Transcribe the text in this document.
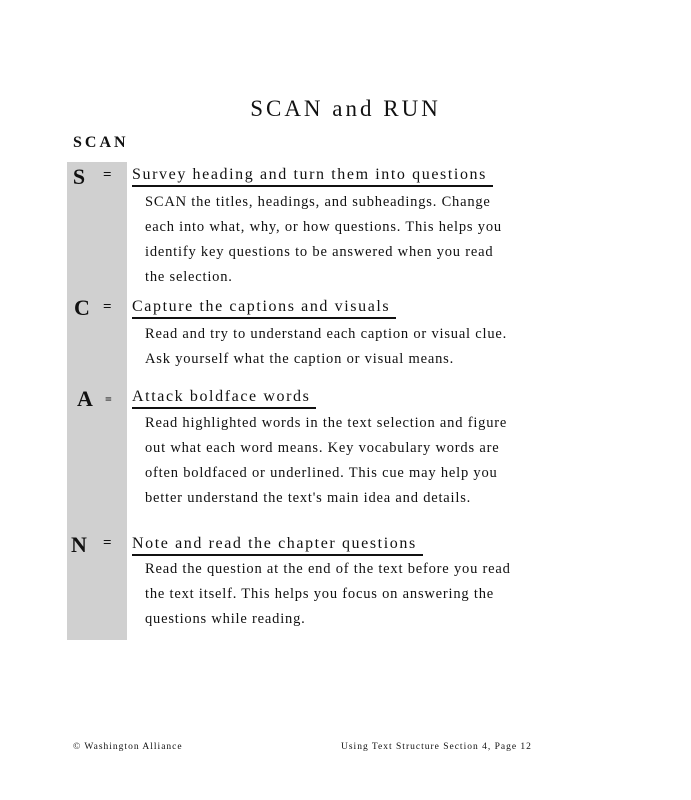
SCAN and RUN
SCAN
S	= Survey heading and turn them into questions

SCAN the titles, headings, and subheadings. Change

each into what, why, or how questions. This helps you

identify key questions to be answered when you read

the selection.

C = Capture the captions and visuals

Read and try to understand each caption or visual clue.

Ask yourself what the caption or visual means.

A	= Attack boldface words

Read highlighted words in the text selection and figure

out what each word means. Key vocabulary words are

often boldfaced or underlined. This cue may help you

better understand the text's main idea and details.

N	= Note and read the chapter questions

Read the question at the end of the text before you read

the text itself. This helps you focus on answering the

questions while reading.

© Washington Alliance	Using Text Structure Section 4, Page 12
